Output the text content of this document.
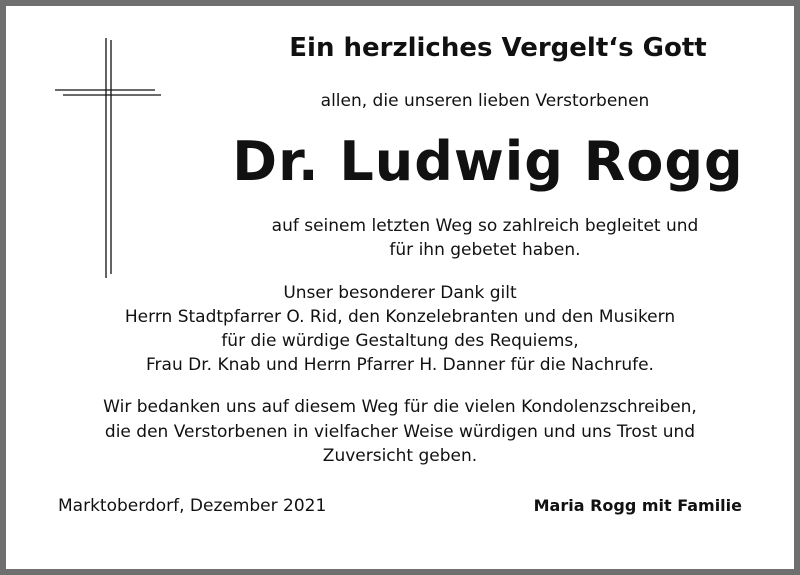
Ein herzliches Vergelt‘s Gott
allen, die unseren lieben Verstorbenen
Dr. Ludwig Rogg
auf seinem letzten Weg so zahlreich begleitet und
für ihn gebetet haben.
Unser besonderer Dank gilt
Herrn Stadtpfarrer O. Rid, den Konzelebranten und den Musikern
für die würdige Gestaltung des Requiems,
Frau Dr. Knab und Herrn Pfarrer H. Danner für die Nachrufe.
Wir bedanken uns auf diesem Weg für die vielen Kondolenzschreiben,
die den Verstorbenen in vielfacher Weise würdigen und uns Trost und
Zuversicht geben.
Marktoberdorf, Dezember 2021	Maria Rogg mit Familie
